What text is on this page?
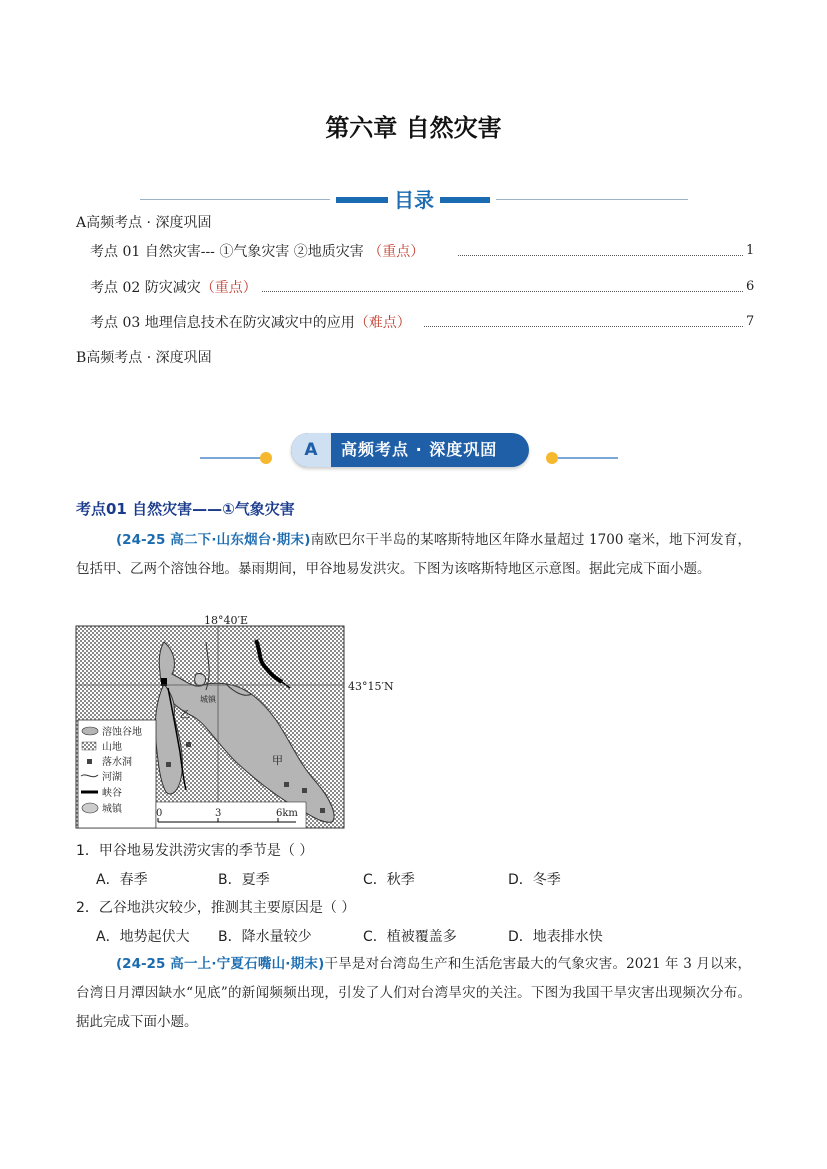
第六章 自然灾害
目录
A高频考点 · 深度巩固
考点 01 自然灾害--- ①气象灾害 ②地质灾害 （重点）	1
考点 02 防灾减灾（重点）	6
考点 03 地理信息技术在防灾减灾中的应用（难点）	7
B高频考点 · 深度巩固
A	高频考点 · 深度巩固
考点01 自然灾害——①气象灾害
(24-25 高二下·山东烟台·期末)南欧巴尔干半岛的某喀斯特地区年降水量超过 1700 毫米，地下河发育，包括甲、乙两个溶蚀谷地。暴雨期间，甲谷地易发洪灾。下图为该喀斯特地区示意图。据此完成下面小题。
18°40′E
43°15′N
甲
乙
城镇
溶蚀谷地
山地
落水洞
河湖
峡谷
城镇	0	3	6km
1．甲谷地易发洪涝灾害的季节是（ ）
A．春季	B．夏季	C．秋季	D．冬季
2．乙谷地洪灾较少，推测其主要原因是（ ）
A．地势起伏大 B．降水量较少	C．植被覆盖多	D．地表排水快
(24-25 高一上·宁夏石嘴山·期末)干旱是对台湾岛生产和生活危害最大的气象灾害。2021 年 3 月以来，台湾日月潭因缺水“见底”的新闻频频出现，引发了人们对台湾旱灾的关注。下图为我国干旱灾害出现频次分布。据此完成下面小题。
